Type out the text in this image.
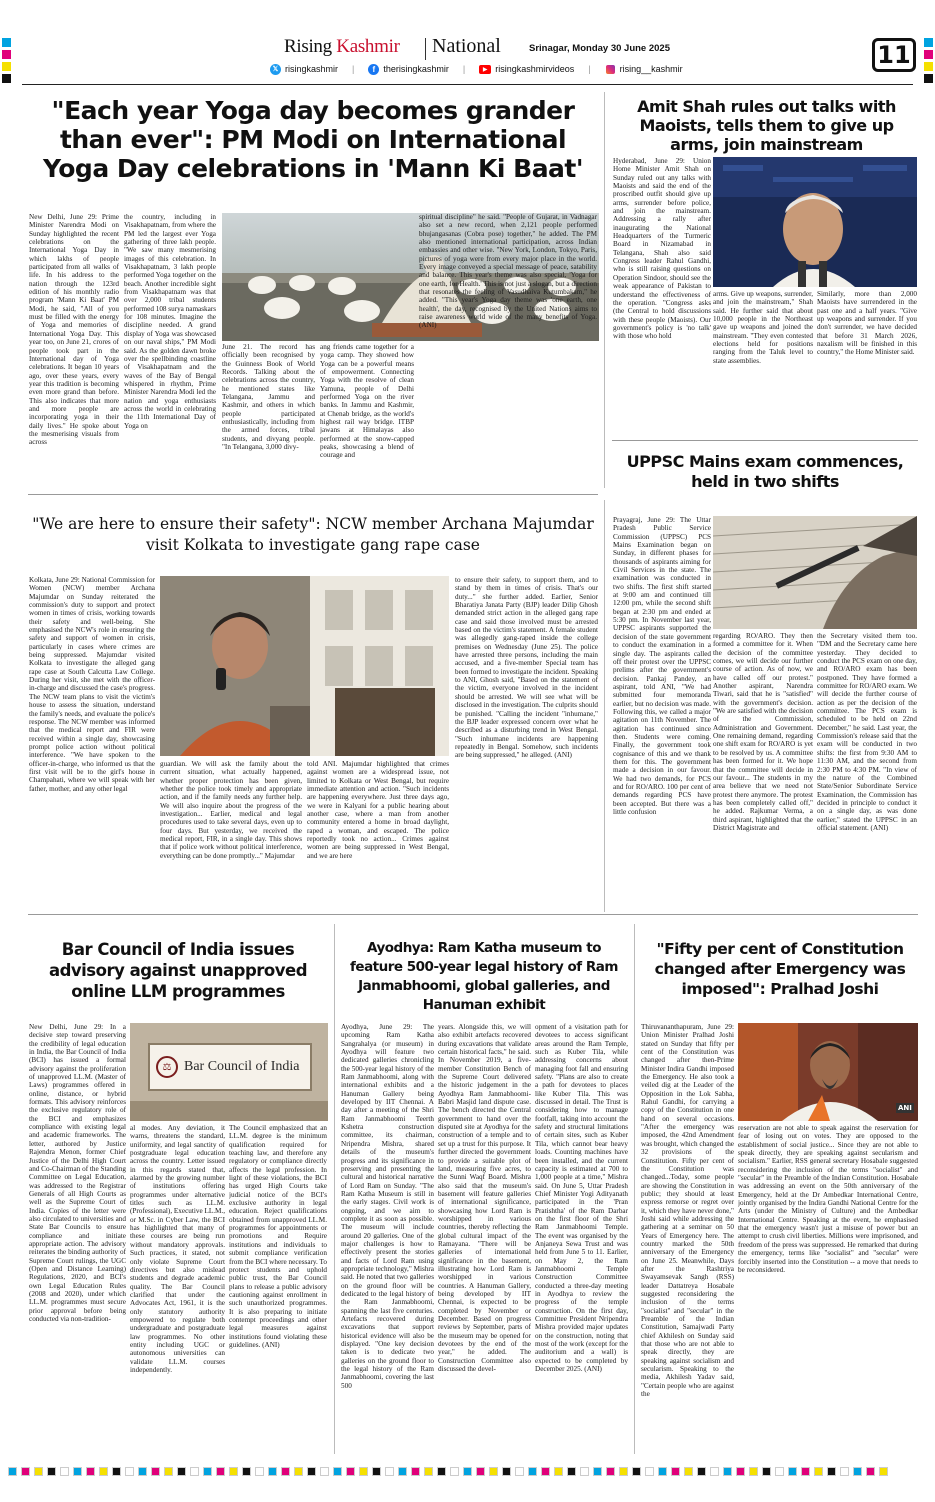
Rising Kashmir National	Srinagar, Monday 30 June 2025	11
𝕏 risingkashmir |	f therisingkashmir |	▶ risingkashmirvideos |	rising__kashmir
"Each year Yoga day becomes grander than ever": PM Modi on International Yoga Day celebrations in 'Mann Ki Baat'

New Delhi, June 29: Prime Minister Narendra Modi on Sunday highlighted the recent celebrations on the International Yoga Day in which lakhs of people participated from all walks of life. In his address to the nation through the 123rd edition of his monthly radio program 'Mann Ki Baat' PM Modi, he said, "All of you must be filled with the energy of Yoga and memories of International Yoga Day. This year too, on June 21, crores of people took part in the International day of Yoga celebrations. It began 10 years ago, over these years, every year this tradition is becoming even more grand than before. This also indicates that more and more people are incorporating yoga in their daily lives." He spoke about the mesmerising visuals from across

the country, including in Visakhapatnam, from where the PM led the largest ever Yoga gathering of three lakh people. "We saw many mesmerising images of this celebration. In Visakhapatnam, 3 lakh people performed Yoga together on the beach. Another incredible sight from Visakhapatnam was that over 2,000 tribal students performed 108 surya namaskars for 108 minutes. Imagine the discipline needed. A grand display of Yoga was showcased on our naval ships," PM Modi said. As the golden dawn broke over the spellbinding coastline of Visakhapatnam and the waves of the Bay of Bengal whispered in rhythm, Prime Minister Narendra Modi led the nation and yoga enthusiasts across the world in celebrating the 11th International Day of Yoga on

June 21. The record has officially been recognised by the Guinness Book of World Records. Talking about the celebrations across the country, he mentioned states like Telangana, Jammu and Kashmir, and others in which people participated enthusiastically, including from the armed forces, tribal students, and divyang people. "In Telangana, 3,000 divy-

ang friends came together for a yoga camp. They showed how Yoga can be a powerful means of empowerment. Connecting Yoga with the resolve of clean Yamuna, people of Delhi performed Yoga on the river banks. In Jammu and Kashmir, at Chenab bridge, as the world's highest rail way bridge. ITBP jawans at Himalayas also performed at the snow-capped peaks, showcasing a blend of courage and

spiritual discipline" he said. "People of Gujarat, in Vadnagar also set a new record, when 2,121 people performed bhujangasanas (Cobra pose) together," he added. The PM also mentioned international participation, across Indian embassies and other wise. "New York, London, Tokyo, Paris, pictures of yoga were from every major place in the world. Every image conveyed a special message of peace, satability and balance. This year's theme was also special, 'Yoga for one earth, for Health.' This is not just a slogan, but a direction that resonates the feeling of Vasudhaiva Kutumbakam," he added. "This year's Yoga day theme was 'one earth, one health', the day, recognised by the United Nations aims to raise awareness world wide of the many benefits of Yoga. (ANI)

Amit Shah rules out talks with Maoists, tells them to give up arms, join mainstream

Hyderabad, June 29: Union Home Minister Amit Shah on Sunday ruled out any talks with Maoists and said the end of the proscribed outfit should give up arms, surrender before police, and join the mainstream. Addressing a rally after inaugurating the National Headquarters of the Turmeric Board in Nizamabad in Telangana, Shah also said Congress leader Rahul Gandhi, who is still raising questions on Operation Sindoor, should see the weak appearance of Pakistan to understand the effectiveness of the operation. "Congress asks (the Central to hold discussions with these people (Maoists). Our government's policy is 'no talk' with those who hold

arms. Give up weapons, surrender, and join the mainstream," Shah said. He further said that about 10,000 people in the Northeast gave up weapons and joined the mainstream. "They even contested elections held for positions ranging from the Taluk level to state assemblies.

Similarly, more than 2,000 Maoists have surrendered in the past one and a half years. "Give up weapons and surrender. If you don't surrender, we have decided that before 31 March 2026, naxalism will be finished in this country," the Home Minister said.

UPPSC Mains exam commences, held in two shifts

Prayagraj, June 29: The Uttar Pradesh Public Service Commission (UPPSC) PCS Mains Examination began on Sunday, in different phases for thousands of aspirants aiming for Civil Services in the state. The examination was conducted in two shifts. The first shift started at 9:00 am and continued till 12:00 pm, while the second shift began at 2:30 pm and ended at 5:30 pm. In November last year, UPPSC aspirants supported the decision of the state government to conduct the examination in a single day. The aspirants called off their protest over the UPPSC prelims after the government's decision. Pankaj Pandey, an aspirant, told ANI, "We had submitted four memoranda earlier, but no decision was made. Following this, we called a major agitation on 11th November. The agitation has continued since then. Students were coming. Finally, the government took cognisance of this and we thank them for this. The government made a decision in our favour. We had two demands, for PCS and for RO/ARO. 100 per cent of demands regarding PCS have been accepted. But there was a little confusion

regarding RO/ARO. They then formed a committee for it. When the decision of the committee comes, we will decide our further course of action. As of now, we have called off our protest." Another aspirant, Narendra Tiwari, said that he is "satisfied" with the government's decision. "We are satisfied with the decision of the Commission, Administration and Government. One remaining demand, regarding one shift exam for RO/ARO is yet to be resolved by us. A committee has been formed for it. We hope that the committee will decide in our favour... The students in my area believe that we need not protest there anymore. The protest has been completely called off," he added. Rajkumar Verma, a third aspirant, highlighted that the District Magistrate and

the Secretary visited them too. "DM and the Secretary came here yesterday. They decided to conduct the PCS exam on one day, and RO/ARO exam has been postponed. They have formed a committee for RO/ARO exam. We will decide the further course of action as per the decision of the committee. The PCS exam is scheduled to be held on 22nd December," he said. Last year, the Commission's release said that the exam will be conducted in two shifts: the first from 9:30 AM to 11:30 AM, and the second from 2:30 PM to 4:30 PM. "In view of the nature of the Combined State/Senior Subordinate Service Examination, the Commission has decided in principle to conduct it on a single day, as was done earlier," stated the UPPSC in an official statement. (ANI)

"We are here to ensure their safety": NCW member Archana Majumdar visit Kolkata to investigate gang rape case

Kolkata, June 29: National Commission for Women (NCW) member Archana Majumdar on Sunday reiterated the commission's duty to support and protect women in times of crisis, working towards their safety and well-being. She emphasised the NCW's role in ensuring the safety and support of women in crisis, particularly in cases where crimes are being suppressed. Majumdar visited Kolkata to investigate the alleged gang rape case at South Calcutta Law College. During her visit, she met with the officer-in-charge and discussed the case's progress. The NCW team plans to visit the victim's house to assess the situation, understand the family's needs, and evaluate the police's response. The NCW member was informed that the medical report and FIR were received within a single day, showcasing prompt police action without political interference. "We have spoken to the officer-in-charge, who informed us that the first visit will be to the girl's house in Champahati, where we will speak with her father, mother, and any other legal

guardian. We will ask the family about the current situation, what actually happened, whether proper protection has been given, whether the police took timely and appropriate action, and if the family needs any further help. We will also inquire about the progress of the investigation... Earlier, medical and legal procedures used to take several days, even up to four days. But yesterday, we received the medical report, FIR, in a single day. This shows that if police work without political interference, everything can be done promptly..." Majumdar

told ANI. Majumdar highlighted that crimes against women are a widespread issue, not limited to Kolkata or West Bengal, but require immediate attention and action. "Such incidents are happening everywhere. Just three days ago, we were in Kalyani for a public hearing about another case, where a man from another community entered a home in broad daylight, raped a woman, and escaped. The police reportedly took no action... Crimes against women are being suppressed in West Bengal, and we are here

to ensure their safety, to support them, and to stand by them in times of crisis. That's our duty..." she further added. Earlier, Senior Bharatiya Janata Party (BJP) leader Dilip Ghosh demanded strict action in the alleged gang rape case and said those involved must be arrested based on the victim's statement. A female student was allegedly gang-raped inside the college premises on Wednesday (June 25). The police have arrested three persons, including the main accused, and a five-member Special team has been formed to investigate the incident. Speaking to ANI, Ghosh said, "Based on the statement of the victim, everyone involved in the incident should be arrested. We will see what will be disclosed in the investigation. The culprits should be punished. "Calling the incident "inhumane," the BJP leader expressed concern over what he described as a disturbing trend in West Bengal. "Such inhumane incidents are happening repeatedly in Bengal. Somehow, such incidents are being suppressed," he alleged. (ANI)

Bar Council of India issues advisory against unapproved online LLM programmes

New Delhi, June 29: In a decisive step toward preserving the credibility of legal education in India, the Bar Council of India (BCI) has issued a formal advisory against the proliferation of unapproved LL.M. (Master of Laws) programmes offered in online, distance, or hybrid formats. This advisory reinforces the exclusive regulatory role of the BCI and emphasizes compliance with existing legal and academic frameworks. The letter, authored by Justice Rajendra Menon, former Chief Justice of the Delhi High Court and Co-Chairman of the Standing Committee on Legal Education, was addressed to the Registrar Generals of all High Courts as well as the Supreme Court of India. Copies of the letter were also circulated to universities and State Bar Councils to ensure compliance and initiate appropriate action. The advisory reiterates the binding authority of Supreme Court rulings, the UGC (Open and Distance Learning) Regulations, 2020, and BCI's own Legal Education Rules (2008 and 2020), under which LL.M. programmes must secure prior approval before being conducted via non-tradition-

⚖ Bar Council of India

al modes. Any deviation, it warns, threatens the standard, uniformity, and legal sanctity of postgraduate legal education across the country. Letter issued in this regards stated that, alarmed by the growing number of institutions offering programmes under alternative titles such as LL.M. (Professional), Executive LL.M., or M.Sc. in Cyber Law, the BCI has highlighted that many of these courses are being run without mandatory approvals. Such practices, it stated, not only violate Supreme Court directives but also mislead students and degrade academic quality. The Bar Council clarified that under the Advocates Act, 1961, it is the only statutory authority empowered to regulate both undergraduate and postgraduate law programmes. No other entity including UGC or autonomous universities can validate LL.M. courses independently.

The Council emphasized that an LL.M. degree is the minimum qualification required for teaching law, and therefore any regulatory or compliance directly affects the legal profession. In light of these violations, the BCI has urged High Courts take judicial notice of the BCI's exclusive authority in legal education. Reject qualifications obtained from unapproved LL.M. programmes for appointments or promotions and Require institutions and individuals to submit compliance verification from the BCI where necessary. To protect students and uphold public trust, the Bar Council plans to release a public advisory cautioning against enrollment in such unauthorized programmes. It is also preparing to initiate contempt proceedings and other legal measures against institutions found violating these guidelines. (ANI)

Ayodhya: Ram Katha museum to feature 500-year legal history of Ram Janmabhoomi, global galleries, and Hanuman exhibit

Ayodhya, June 29: The upcoming Ram Katha Sangrahalya (or museum) in Ayodhya will feature two dedicated galleries chronicling the 500-year legal history of the Ram Janmabhoomi, along with international exhibits and a Hanuman Gallery being developed by IIT Chennai. A day after a meeting of the Shri Ram Janmabhoomi Teerth Kshetra construction committee, its chairman, Nripendra Mishra, shared details of the museum's progress and its significance in preserving and presenting the cultural and historical narrative of Lord Ram on Sunday. "The Ram Katha Museum is still in the early stages. Civil work is ongoing, and we aim to complete it as soon as possible. The museum will include around 20 galleries. One of the major challenges is how to effectively present the stories and facts of Lord Ram using appropriate technology," Mishra said. He noted that two galleries on the ground floor will be dedicated to the legal history of the Ram Janmabhoomi, spanning the last five centuries. Artefacts recovered during excavations that support historical evidence will also be displayed. "One key decision taken is to dedicate two galleries on the ground floor to the legal history of the Ram Janmabhoomi, covering the last 500

years. Alongside this, we will also exhibit artefacts recovered during excavations that validate certain historical facts," he said. In November 2019, a five-member Constitution Bench of the Supreme Court delivered the historic judgement in the Ayodhya Ram Janmabhoomi-Babri Masjid land dispute case. The bench directed the Central government to hand over the disputed site at Ayodhya for the construction of a temple and to set up a trust for this purpose. It further directed the government to provide a suitable plot of land, measuring five acres, to the Sunni Waqf Board. Mishra also said that the museum's basement will feature galleries of international significance, showcasing how Lord Ram is worshipped in various countries, thereby reflecting the global cultural impact of the Ramayana. "There will be galleries of international significance in the basement, illustrating how Lord Ram is worshipped in various countries. A Hanuman Gallery, being developed by IIT Chennai, is expected to be completed by November or December. Based on progress reviews by September, parts of the museum may be opened for devotees by the end of the year," he added. The Construction Committee also discussed the devel-

opment of a visitation path for devotees to access significant areas around the Ram Temple, such as Kuber Tila, while addressing concerns about managing foot fall and ensuring safety. "Plans are also to create a path for devotees to places like Kuber Tila. This was discussed in detail. The Trust is considering how to manage footfall, taking into account the safety and structural limitations of certain sites, such as Kuber Tila, which cannot bear heavy loads. Counting machines have been installed, and the current capacity is estimated at 700 to 1,000 people at a time," Mishra said. On June 5, Uttar Pradesh Chief Minister Yogi Adityanath participated in the 'Pran Pratishtha' of the Ram Darbar on the first floor of the Shri Ram Janmabhoomi Temple. The event was organised by the Anjaneya Sewa Trust and was held from June 5 to 11. Earlier, on May 2, the Ram Janmabhoomi Temple Construction Committee conducted a three-day meeting in Ayodhya to review the progress of the temple construction. On the first day, Committee President Nripendra Mishra provided major updates on the construction, noting that most of the work (except for the auditorium and a wall) is expected to be completed by December 2025. (ANI)

"Fifty per cent of Constitution changed after Emergency was imposed": Pralhad Joshi

Thiruvananthapuram, June 29: Union Minister Pralhad Joshi stated on Sunday that fifty per cent of the Constitution was changed after then-Prime Minister Indira Gandhi imposed the Emergency. He also took a veiled dig at the Leader of the Opposition in the Lok Sabha, Rahul Gandhi, for carrying a copy of the Constitution in one hand on several occasions. "After the emergency was imposed, the 42nd Amendment was brought, which changed the 32 provisions of the Constitution. Fifty per cent of the Constitution was changed...Today, some people are showing the Constitution in public; they should at least express remorse or regret over it, which they have never done," Joshi said while addressing the gathering at a seminar on 50 Years of Emergency here. The country marked the 50th anniversary of the Emergency on June 25. Meanwhile, Days after the Rashtriya Swayamsevak Sangh (RSS) leader Dattatreya Hosabale suggested reconsidering the inclusion of the terms "socialist" and "secular" in the Preamble of the Indian Constitution, Samajwadi Party chief Akhilesh on Sunday said that those who are not able to speak directly, they are speaking against socialism and secularism. Speaking to the media, Akhilesh Yadav said, "Certain people who are against the

ANI

reservation are not able to speak against the reservation for fear of losing out on votes. They are opposed to the establishment of social justice... Since they are not able to speak directly, they are speaking against secularism and socialism." Earlier, RSS general secretary Hosabale suggested reconsidering the inclusion of the terms "socialist" and "secular" in the Preamble of the Indian Constitution. Hosabale was addressing an event on the 50th anniversary of the Emergency, held at the Dr Ambedkar International Centre, jointly organised by the Indira Gandhi National Centre for the Arts (under the Ministry of Culture) and the Ambedkar International Centre. Speaking at the event, he emphasised that the emergency wasn't just a misuse of power but an attempt to crush civil liberties. Millions were imprisoned, and freedom of the press was suppressed. He remarked that during the emergency, terms like "socialist" and "secular" were forcibly inserted into the Constitution -- a move that needs to be reconsidered.
